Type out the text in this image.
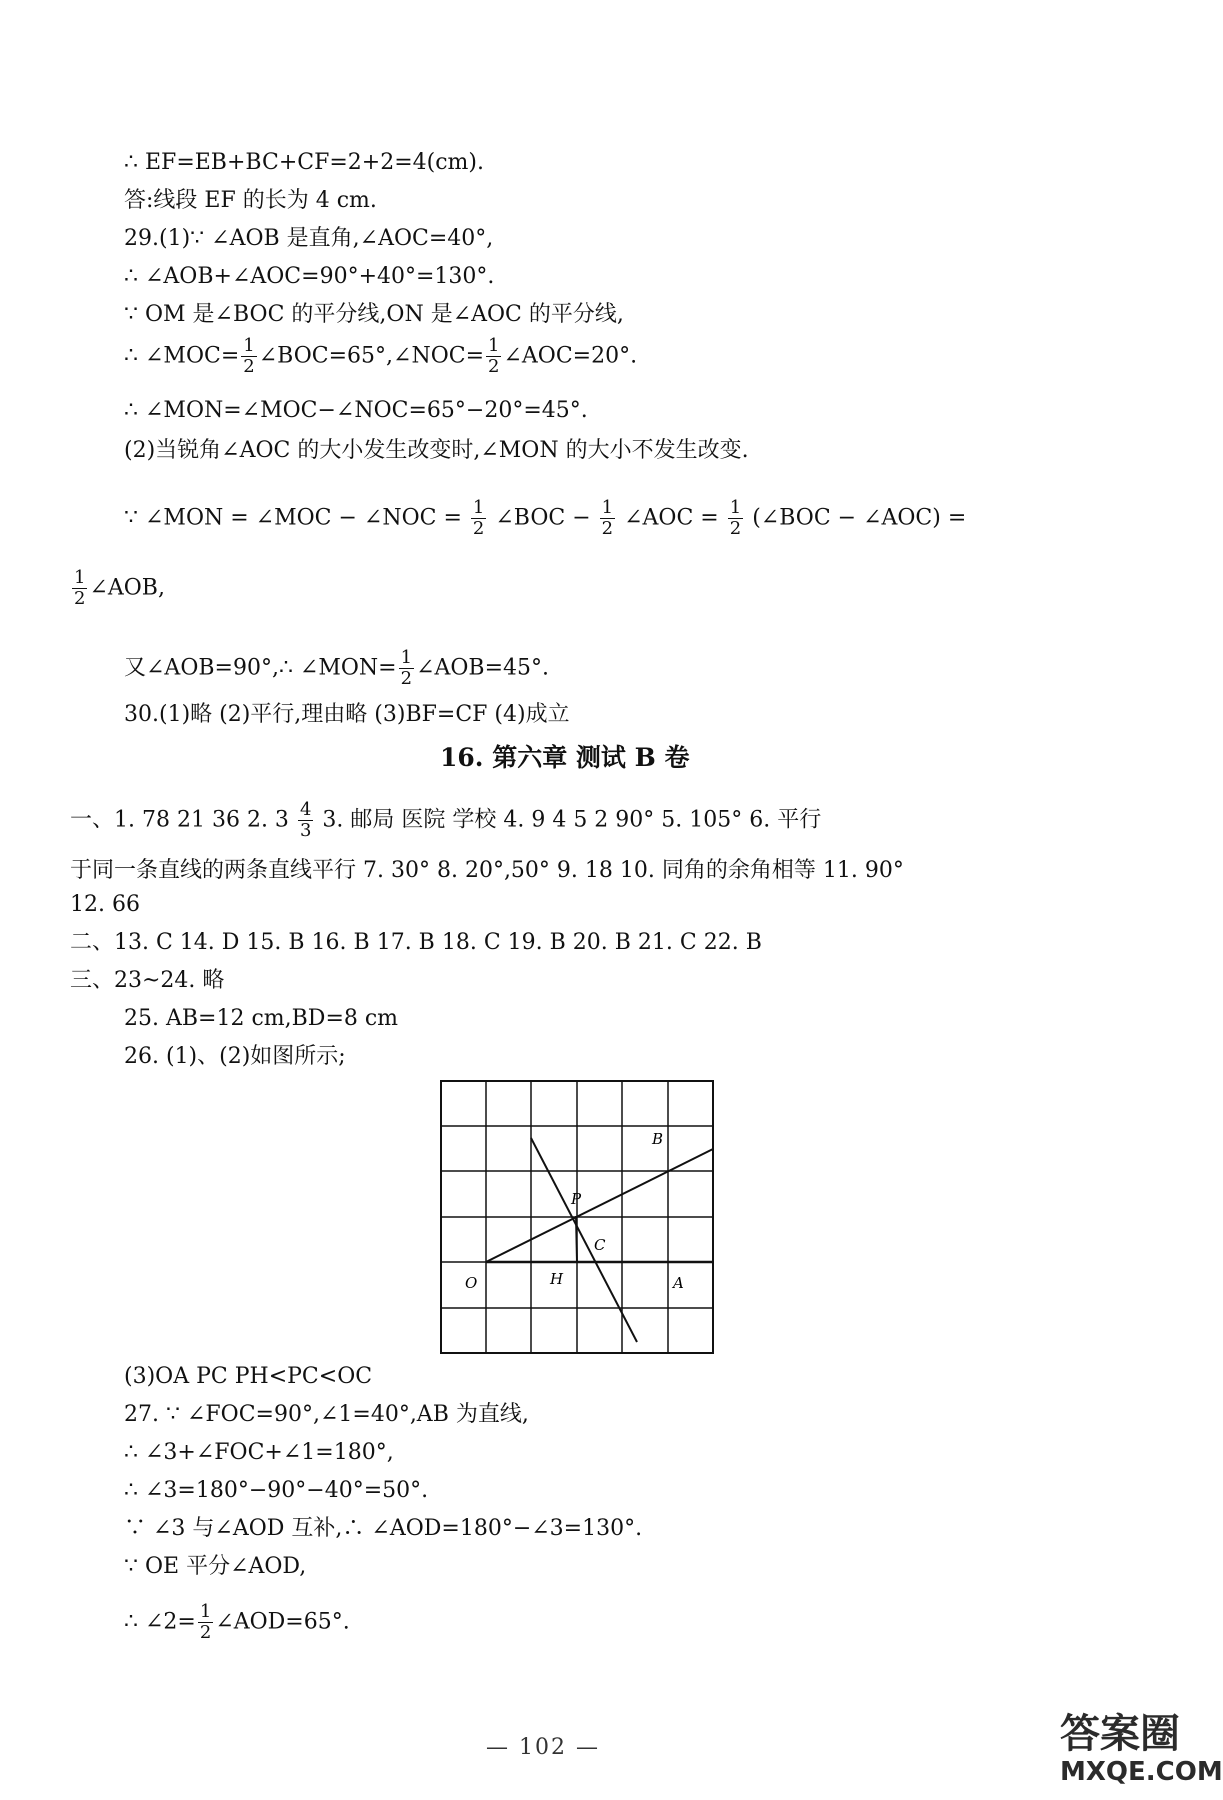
∴ EF=EB+BC+CF=2+2=4(cm).
答:线段 EF 的长为 4 cm.
29.(1)∵ ∠AOB 是直角,∠AOC=40°,
∴ ∠AOB+∠AOC=90°+40°=130°.
∵ OM 是∠BOC 的平分线,ON 是∠AOC 的平分线,
∴ ∠MOC= $\frac{1}{2}$ ∠BOC=65°,∠NOC= $\frac{1}{2}$ ∠AOC=20°.
∴ ∠MON=∠MOC−∠NOC=65°−20°=45°.
(2)当锐角∠AOC 的大小发生改变时,∠MON 的大小不发生改变.
∵ ∠MON = ∠MOC − ∠NOC = $\frac{1}{2}$ ∠BOC − $\frac{1}{2}$ ∠AOC = $\frac{1}{2}$ (∠BOC − ∠AOC) =
$\frac{1}{2}$ ∠AOB,
又∠AOB=90°,∴ ∠MON= $\frac{1}{2}$ ∠AOB=45°.
30.(1)略 (2)平行,理由略 (3)BF=CF (4)成立
16. 第六章 测试 B 卷
一、1. 78 21 36 2. $3 \frac{4}{3} 3$. 邮局 医院 学校 4. 9 4 5 2 90° 5. 105° 6. 平行
于同一条直线的两条直线平行 7. 30° 8. 20°,50° 9. 18 10. 同角的余角相等 11. 90°
12. 66
二、13. C 14. D 15. B 16. B 17. B 18. C 19. B 20. B 21. C 22. B
三、23~24. 略
25. AB=12 cm,BD=8 cm
26. (1)、(2)如图所示;
B
P
C
O	H	A
(3)OA PC PH<PC<OC
27. ∵ ∠FOC=90°,∠1=40°,AB 为直线,
∴ ∠3+∠FOC+∠1=180°,
∴ ∠3=180°−90°−40°=50°.
∵ ∠3 与∠AOD 互补,∴ ∠AOD=180°−∠3=130°.
∵ OE 平分∠AOD,
∴ ∠2= $\frac{1}{2}$ ∠AOD=65°.
— 102 —	答案圈
MXQE.COM
